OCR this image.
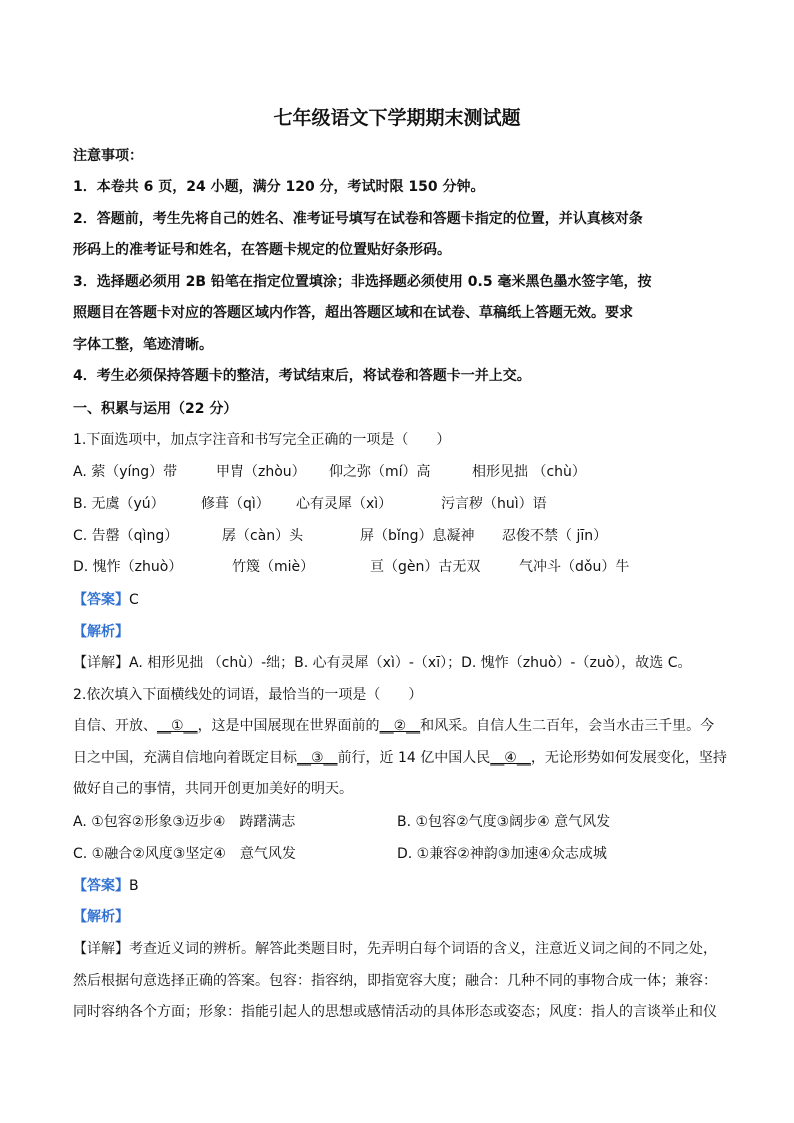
七年级语文下学期期末测试题
注意事项：
1．本卷共 6 页，24 小题，满分 120 分，考试时限 150 分钟。
2．答题前，考生先将自己的姓名、准考证号填写在试卷和答题卡指定的位置，并认真核对条
形码上的准考证号和姓名，在答题卡规定的位置贴好条形码。
3．选择题必须用 2B 铅笔在指定位置填涂；非选择题必须使用 0.5 毫米黑色墨水签字笔，按
照题目在答题卡对应的答题区域内作答，超出答题区域和在试卷、草稿纸上答题无效。要求
字体工整，笔迹清晰。
4．考生必须保持答题卡的整洁，考试结束后，将试卷和答题卡一并上交。
一、积累与运用（22 分）
1.下面选项中，加点字注音和书写完全正确的一项是（　　）
A. 萦（yíng）带	甲胄（zhòu） 仰之弥（mí）高	相形见拙 （chù）
B. 无虞（yú）	修葺（qì） 心有灵犀（xì）	污言秽（huì）语
C. 告罄（qìng）	孱（càn）头	屏（bǐng）息凝神 忍俊不禁（ jīn）
D. 愧怍（zhuò）	竹篾（miè）	亘（gèn）古无双	气冲斗（dǒu）牛
【答案】C
【解析】
【详解】A. 相形见拙 （chù）-绌；B. 心有灵犀（xì）-（xī）；D. 愧怍（zhuò）-（zuò），故选 C。
2.依次填入下面横线处的词语，最恰当的一项是（　　）
自信、开放、__①__，这是中国展现在世界面前的__②__和风采。自信人生二百年，会当水击三千里。今
日之中国，充满自信地向着既定目标__③__前行，近 14 亿中国人民__④__，无论形势如何发展变化，坚持
做好自己的事情，共同开创更加美好的明天。
A. ①包容②形象③迈步④　踌躇满志	B. ①包容②气度③阔步④ 意气风发
C. ①融合②风度③坚定④　意气风发	D. ①兼容②神韵③加速④众志成城
【答案】B
【解析】
【详解】考查近义词的辨析。解答此类题目时，先弄明白每个词语的含义，注意近义词之间的不同之处，
然后根据句意选择正确的答案。包容：指容纳，即指宽容大度；融合：几种不同的事物合成一体；兼容：
同时容纳各个方面；形象：指能引起人的思想或感情活动的具体形态或姿态；风度：指人的言谈举止和仪
